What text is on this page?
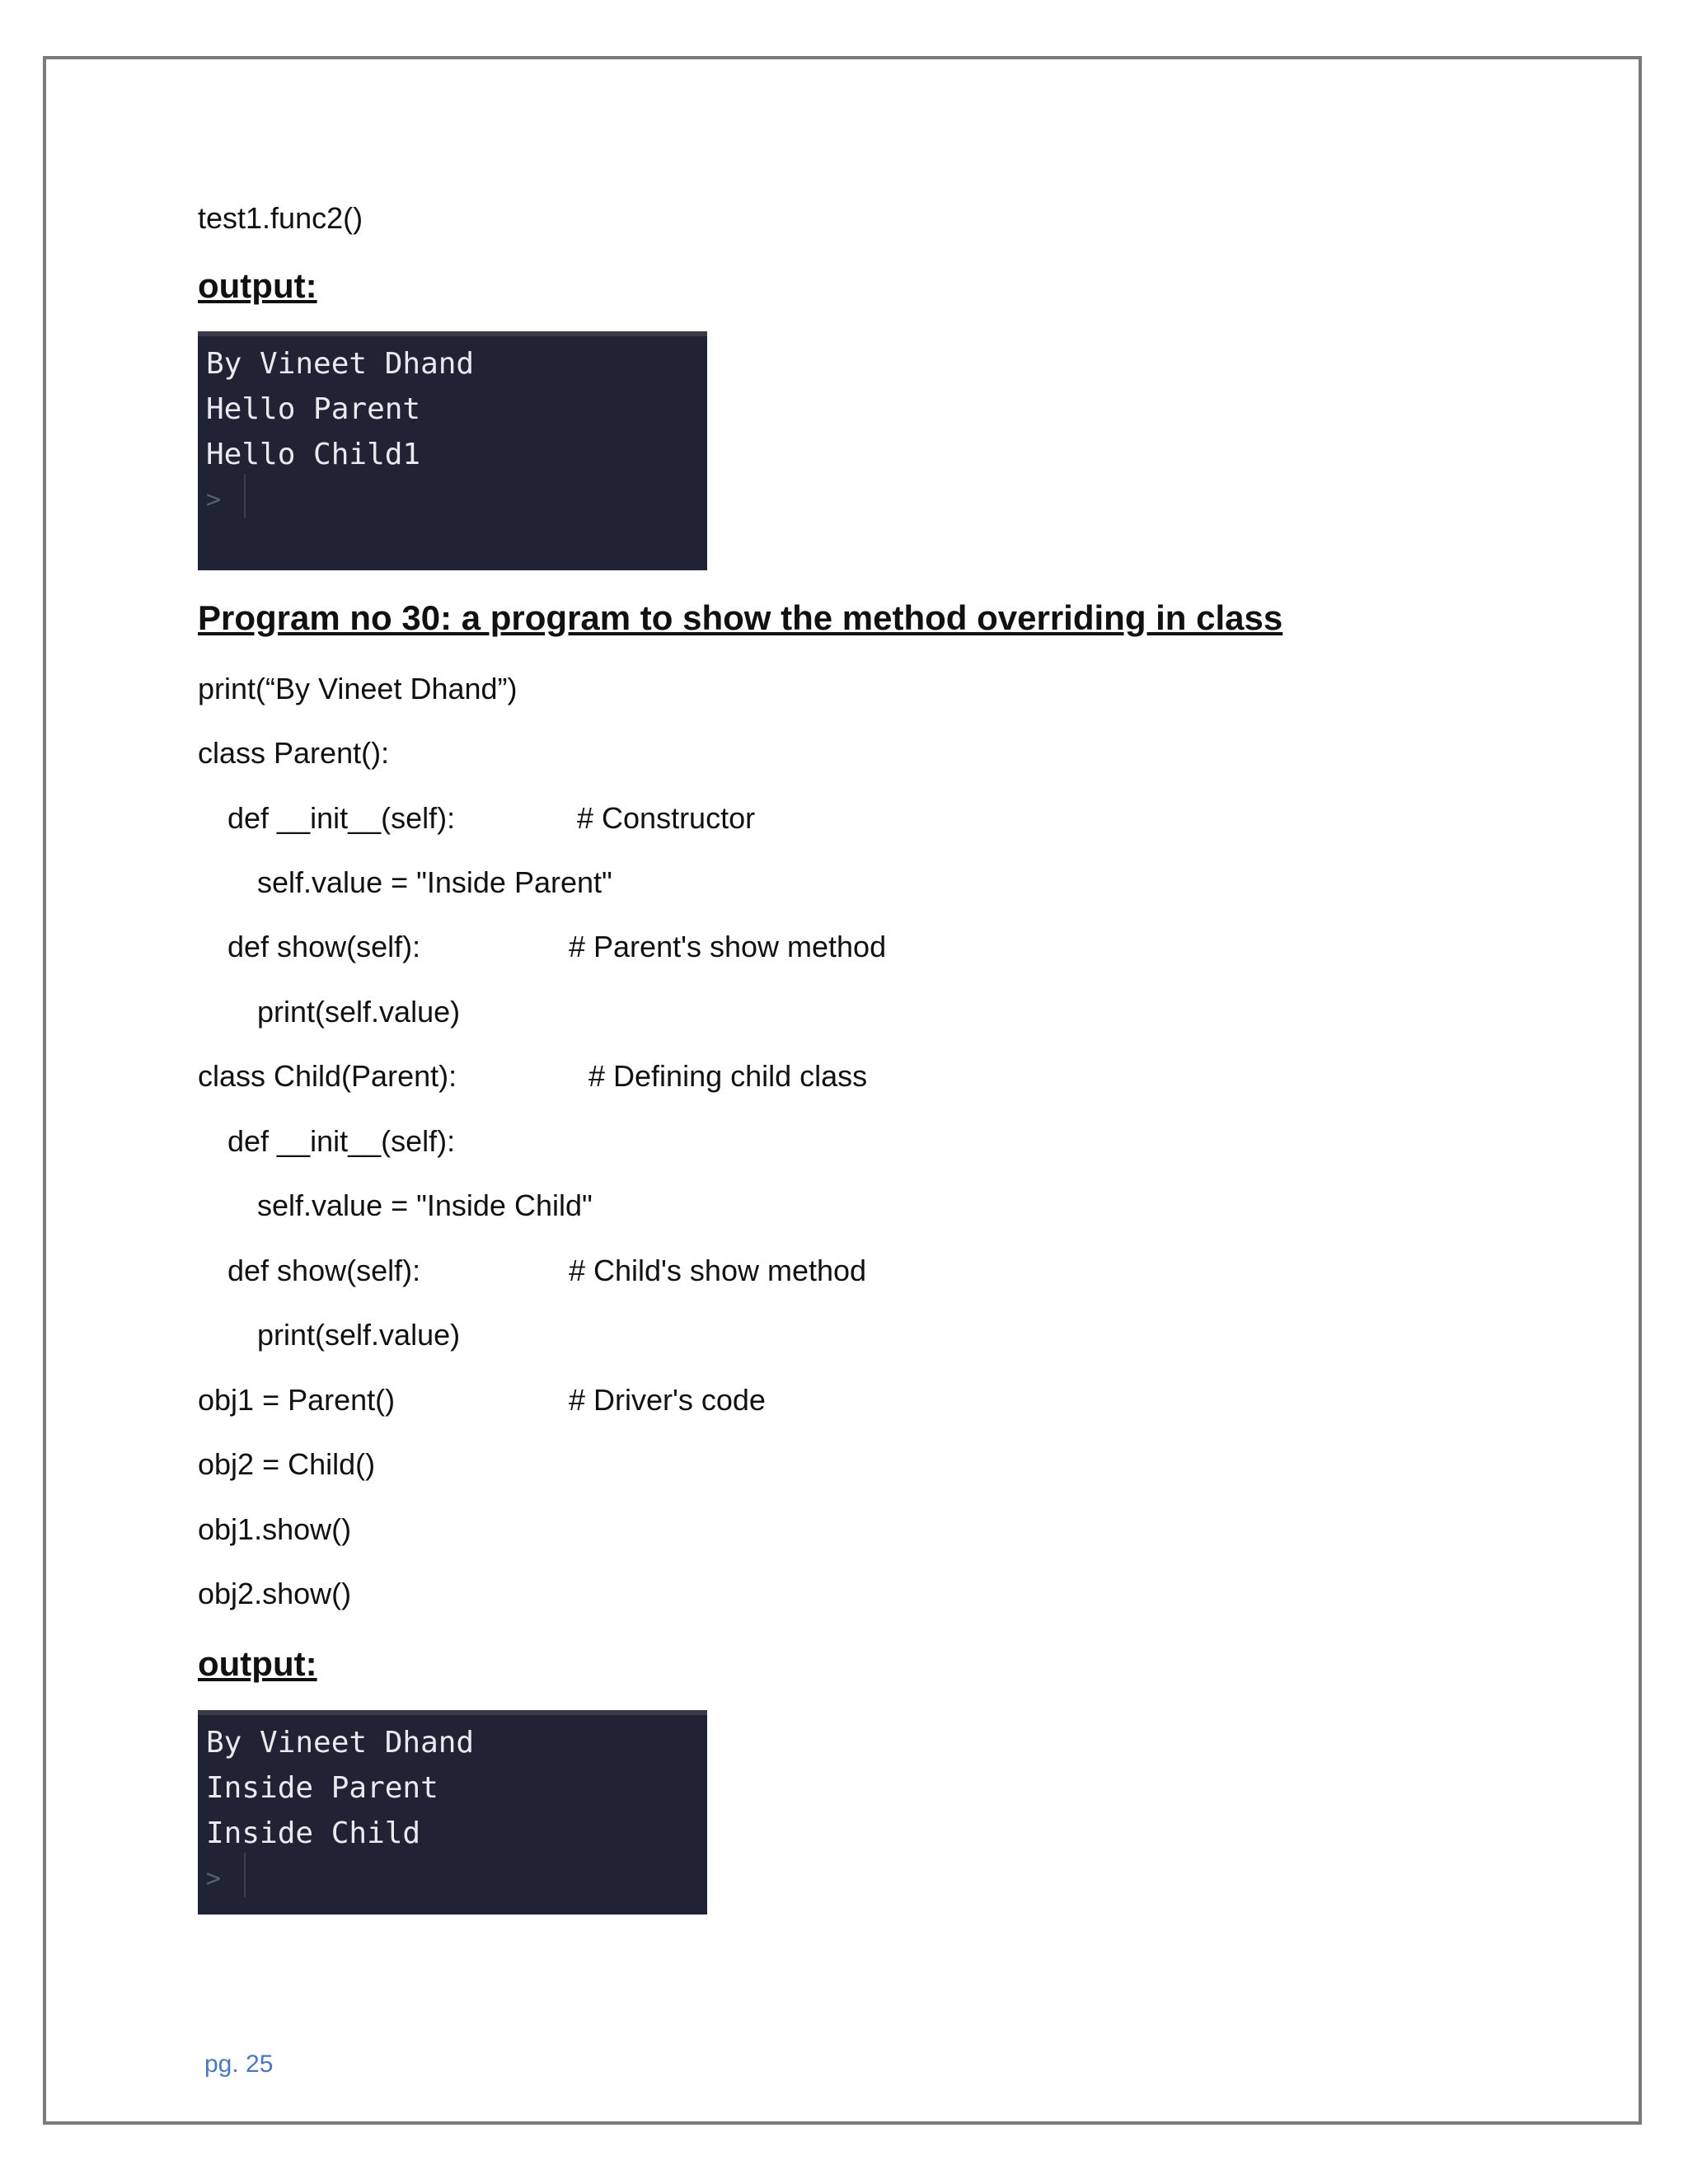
test1.func2()
output:
By Vineet Dhand
Hello Parent
Hello Child1
>
Program no 30: a program to show the method overriding in class
print(“By Vineet Dhand”)
class Parent():
def __init__(self):	# Constructor
self.value = "Inside Parent"
def show(self):	# Parent's show method
print(self.value)
class Child(Parent):	# Defining child class
def __init__(self):
self.value = "Inside Child"
def show(self):	# Child's show method
print(self.value)
obj1 = Parent()	# Driver's code
obj2 = Child()
obj1.show()
obj2.show()
output:
By Vineet Dhand
Inside Parent
Inside Child
>
pg. 25
